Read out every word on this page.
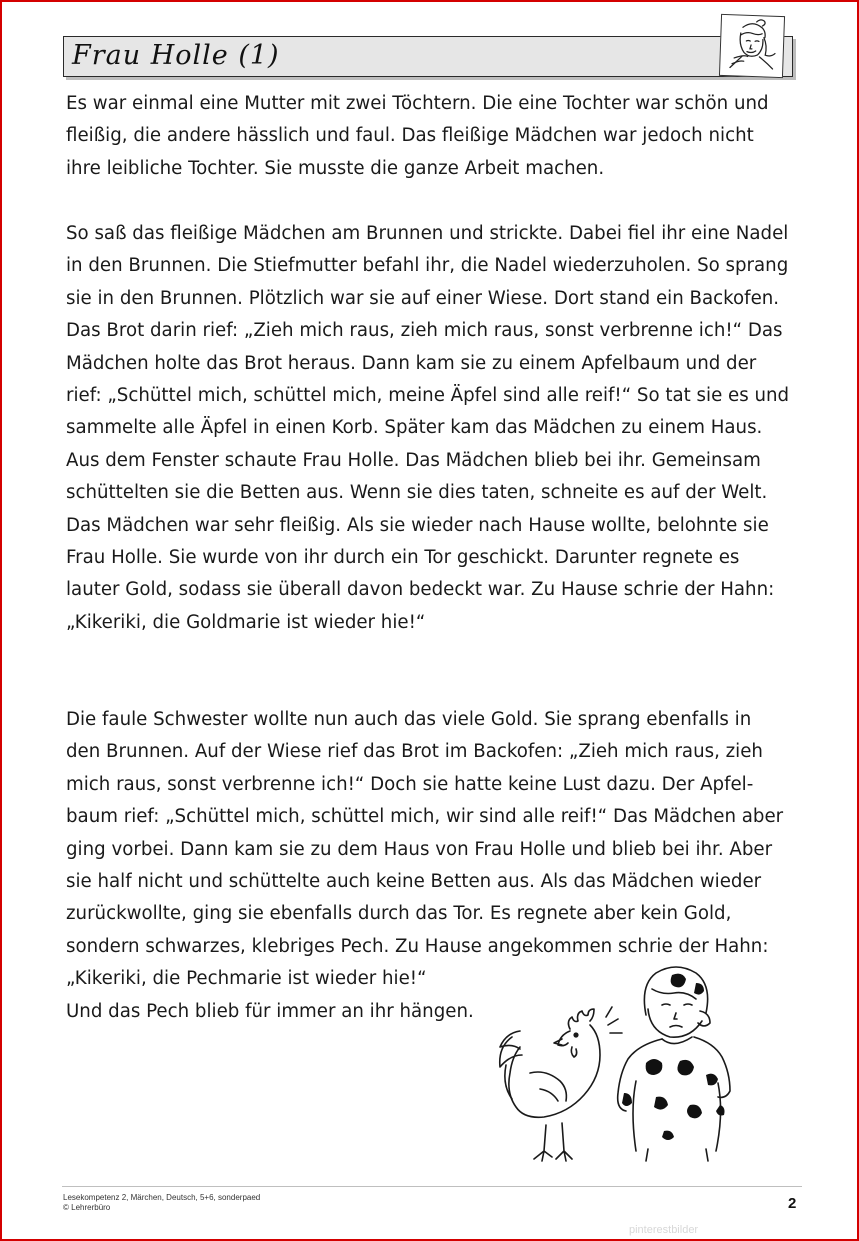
Frau Holle (1)
Es war einmal eine Mutter mit zwei Töchtern. Die eine Tochter war schön und
fleißig, die andere hässlich und faul. Das fleißige Mädchen war jedoch nicht
ihre leibliche Tochter. Sie musste die ganze Arbeit machen.
So saß das fleißige Mädchen am Brunnen und strickte. Dabei fiel ihr eine Nadel
in den Brunnen. Die Stiefmutter befahl ihr, die Nadel wiederzuholen. So sprang
sie in den Brunnen. Plötzlich war sie auf einer Wiese. Dort stand ein Backofen.
Das Brot darin rief: „Zieh mich raus, zieh mich raus, sonst verbrenne ich!“ Das
Mädchen holte das Brot heraus. Dann kam sie zu einem Apfelbaum und der
rief: „Schüttel mich, schüttel mich, meine Äpfel sind alle reif!“ So tat sie es und
sammelte alle Äpfel in einen Korb. Später kam das Mädchen zu einem Haus.
Aus dem Fenster schaute Frau Holle. Das Mädchen blieb bei ihr. Gemeinsam
schüttelten sie die Betten aus. Wenn sie dies taten, schneite es auf der Welt.
Das Mädchen war sehr fleißig. Als sie wieder nach Hause wollte, belohnte sie
Frau Holle. Sie wurde von ihr durch ein Tor geschickt. Darunter regnete es
lauter Gold, sodass sie überall davon bedeckt war. Zu Hause schrie der Hahn:
„Kikeriki, die Goldmarie ist wieder hie!“
Die faule Schwester wollte nun auch das viele Gold. Sie sprang ebenfalls in
den Brunnen. Auf der Wiese rief das Brot im Backofen: „Zieh mich raus, zieh
mich raus, sonst verbrenne ich!“ Doch sie hatte keine Lust dazu. Der Apfel-
baum rief: „Schüttel mich, schüttel mich, wir sind alle reif!“ Das Mädchen aber
ging vorbei. Dann kam sie zu dem Haus von Frau Holle und blieb bei ihr. Aber
sie half nicht und schüttelte auch keine Betten aus. Als das Mädchen wieder
zurückwollte, ging sie ebenfalls durch das Tor. Es regnete aber kein Gold,
sondern schwarzes, klebriges Pech. Zu Hause angekommen schrie der Hahn:
„Kikeriki, die Pechmarie ist wieder hie!“
Und das Pech blieb für immer an ihr hängen.
Lesekompetenz 2, Märchen, Deutsch, 5+6, sonderpaed
© Lehrerbüro	2
pinterestbilder
